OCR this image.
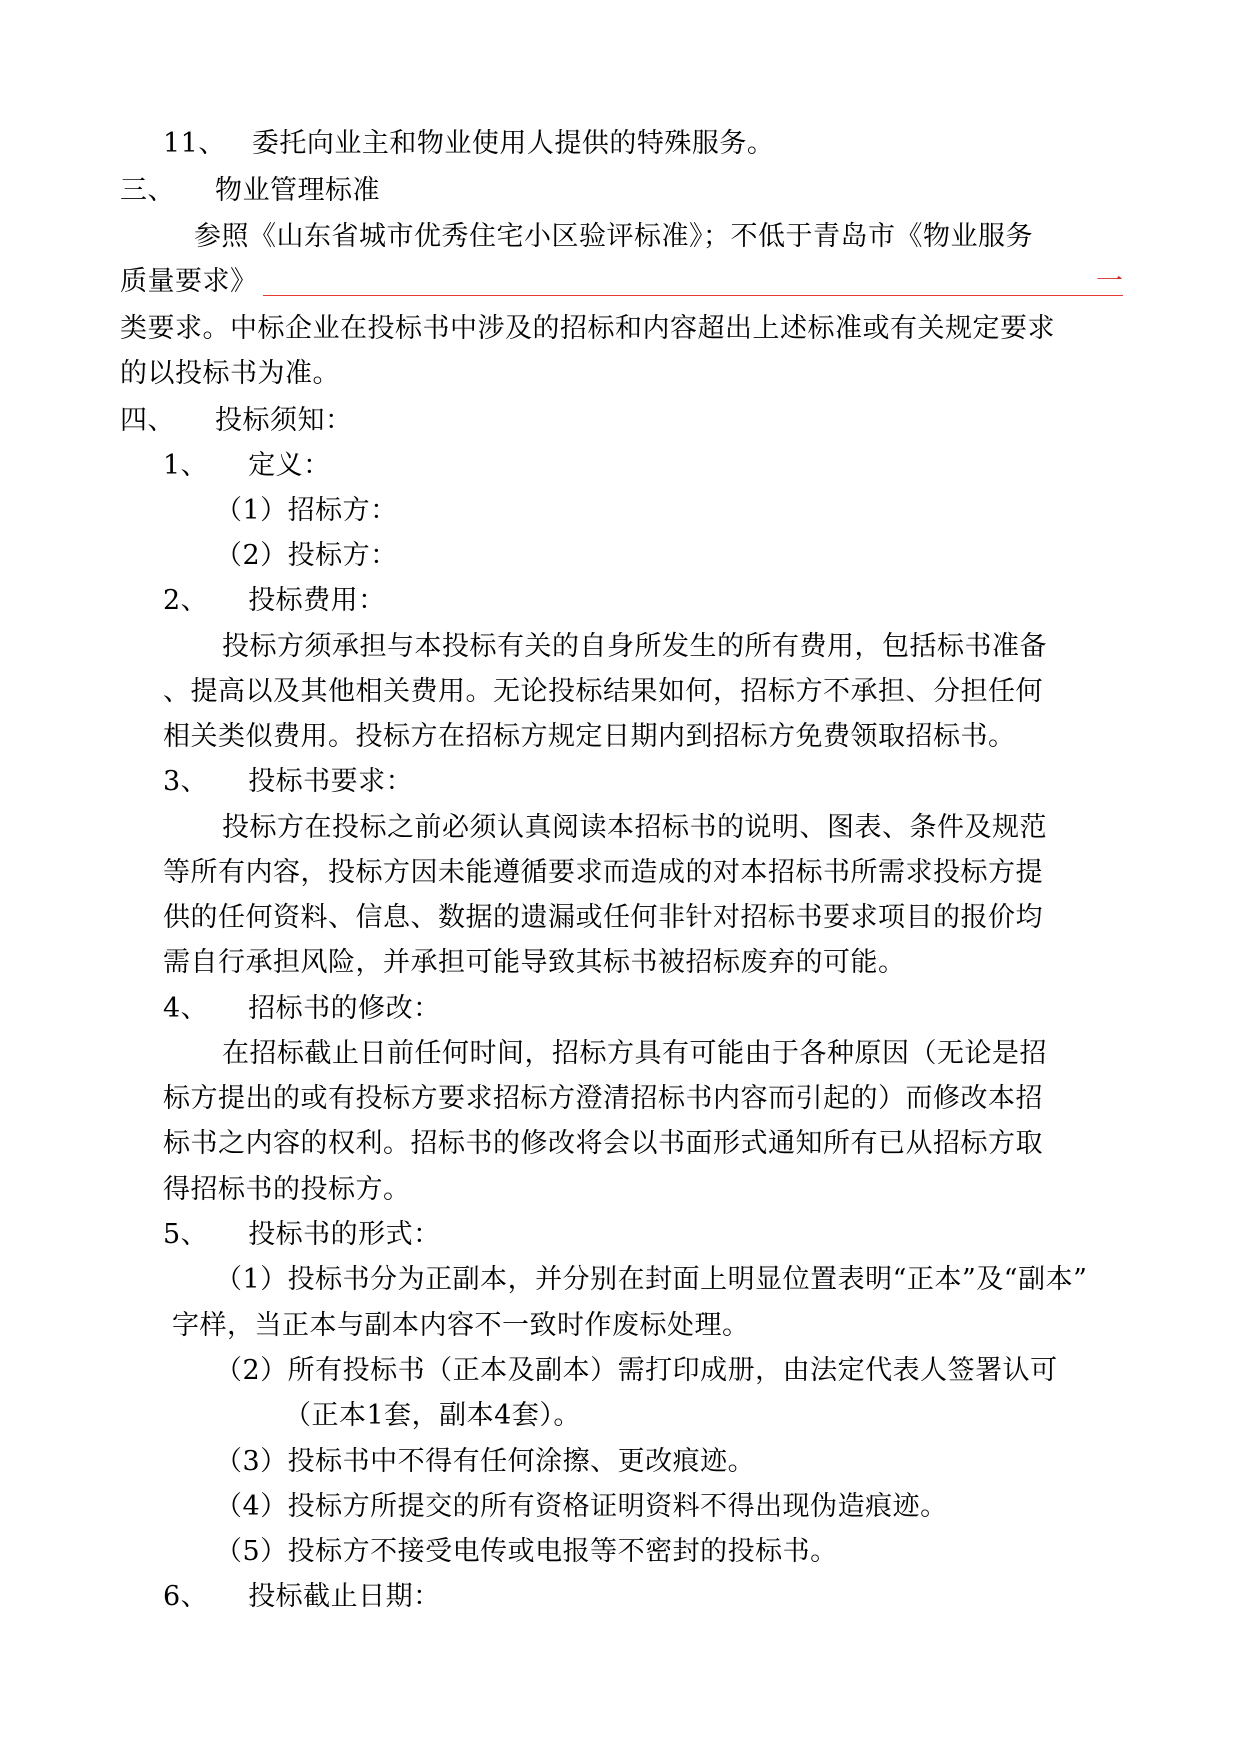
11、 委托向业主和物业使用人提供的特殊服务。
三、 物业管理标准
参照《山东省城市优秀住宅小区验评标准》；不低于青岛市《物业服务
质量要求》	一
类要求。中标企业在投标书中涉及的招标和内容超出上述标准或有关规定要求
的以投标书为准。
四、 投标须知：
1、 定义：
（1）招标方：
（2）投标方：
2、 投标费用：
投标方须承担与本投标有关的自身所发生的所有费用，包括标书准备
、提高以及其他相关费用。无论投标结果如何，招标方不承担、分担任何
相关类似费用。投标方在招标方规定日期内到招标方免费领取招标书。
3、 投标书要求：
投标方在投标之前必须认真阅读本招标书的说明、图表、条件及规范
等所有内容，投标方因未能遵循要求而造成的对本招标书所需求投标方提
供的任何资料、信息、数据的遗漏或任何非针对招标书要求项目的报价均
需自行承担风险，并承担可能导致其标书被招标废弃的可能。
4、 招标书的修改：
在招标截止日前任何时间，招标方具有可能由于各种原因（无论是招
标方提出的或有投标方要求招标方澄清招标书内容而引起的）而修改本招
标书之内容的权利。招标书的修改将会以书面形式通知所有已从招标方取
得招标书的投标方。
5、 投标书的形式：
（1）投标书分为正副本，并分别在封面上明显位置表明“正本”及“副本”
字样，当正本与副本内容不一致时作废标处理。
（2）所有投标书（正本及副本）需打印成册，由法定代表人签署认可
（正本1套，副本4套）。
（3）投标书中不得有任何涂擦、更改痕迹。
（4）投标方所提交的所有资格证明资料不得出现伪造痕迹。
（5）投标方不接受电传或电报等不密封的投标书。
6、 投标截止日期：
